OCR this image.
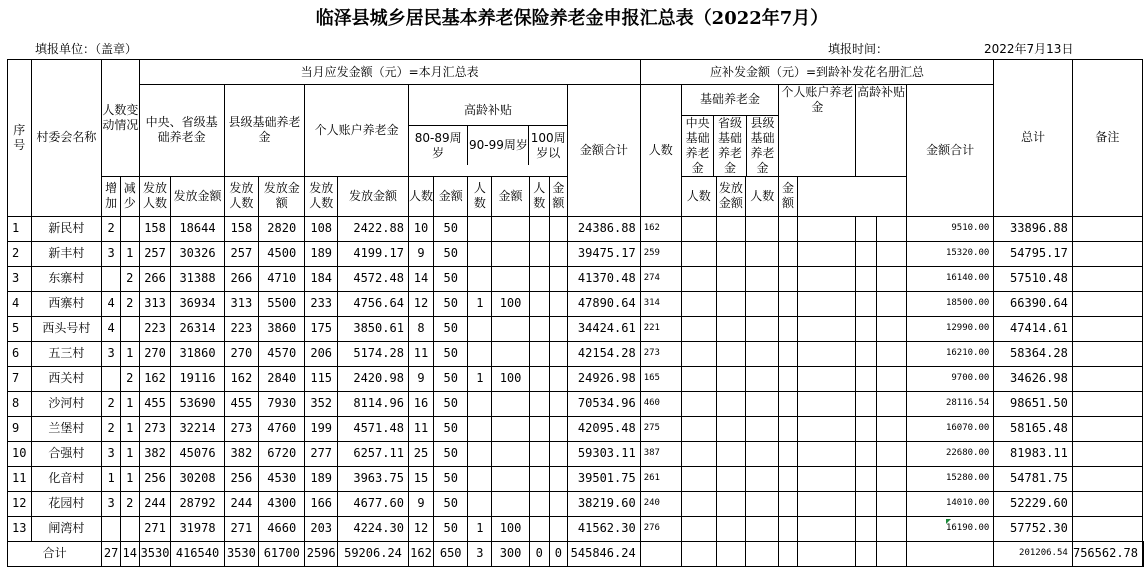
临泽县城乡居民基本养老保险养老金申报汇总表（2022年7月）
填报单位：（盖章）	填报时间：	2022年7月13日
序号	村委会名称	人数变动情况	当月应发金额（元）=本月汇总表	应补发金额（元）=到龄补发花名册汇总	总计	备注
中央、省级基础养老金	县级基础养老金	个人账户养老金	
高龄补贴
80-89周岁	90-99周岁	100周岁以
	金额合计	人数	
基础养老金
中央基础养老金	省级基础养老金	县级基础养老金
	个人账户养老金	高龄补贴	金额合计
增加	减少	发放人数	发放金额	发放人数	发放金额	发放人数	发放金额	人数	金额	人数	金额	人数	金额	人数	发放金额	人数	金额
1	新民村	2		158	18644	158	2820	108	2422.88	10	50					24386.88	162								9510.00	33896.88	
2	新丰村	3	1	257	30326	257	4500	189	4199.17	9	50					39475.17	259								15320.00	54795.17	
3	东寨村		2	266	31388	266	4710	184	4572.48	14	50					41370.48	274								16140.00	57510.48	
4	西寨村	4	2	313	36934	313	5500	233	4756.64	12	50	1	100			47890.64	314								18500.00	66390.64	
5	西头号村	4		223	26314	223	3860	175	3850.61	8	50					34424.61	221								12990.00	47414.61	
6	五三村	3	1	270	31860	270	4570	206	5174.28	11	50					42154.28	273								16210.00	58364.28	
7	西关村		2	162	19116	162	2840	115	2420.98	9	50	1	100			24926.98	165								9700.00	34626.98	
8	沙河村	2	1	455	53690	455	7930	352	8114.96	16	50					70534.96	460								28116.54	98651.50	
9	兰堡村	2	1	273	32214	273	4760	199	4571.48	11	50					42095.48	275								16070.00	58165.48	
10	合强村	3	1	382	45076	382	6720	277	6257.11	25	50					59303.11	387								22680.00	81983.11	
11	化音村	1	1	256	30208	256	4530	189	3963.75	15	50					39501.75	261								15280.00	54781.75	
12	花园村	3	2	244	28792	244	4300	166	4677.60	9	50					38219.60	240								14010.00	52229.60	
13	闸湾村			271	31978	271	4660	203	4224.30	12	50	1	100			41562.30	276								16190.00	57752.30	
合计	27	14	3530	416540	3530	61700	2596	59206.24	162	650	3	300	0	0	545846.24										201206.54	756562.78	
